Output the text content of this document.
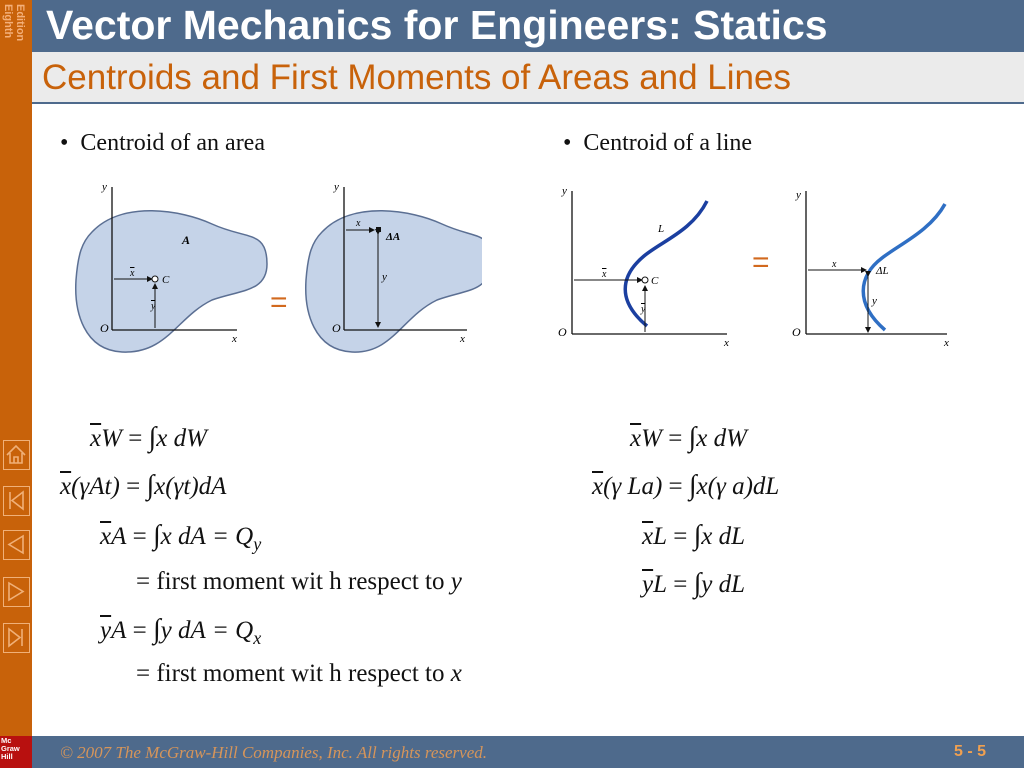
Eighth Edition
Mc
Graw
Hill
Vector Mechanics for Engineers: Statics
Centroids and First Moments of Areas and Lines
•  Centroid of an area	•  Centroid of a line
y
x
O
A
x
C
y	=
y
x
O
x
ΔA
y
y
x
O
L
x
C
y
=
y
x
O
x
ΔL
y
$\overline{x}W = \int x$ dW
$\overline{x}(\gamma At) = \int x(\gamma t)dA$
$\overline{x}A = \int x$ dA = $Q_y$
= first moment wit h respect to y
$\overline{y}A = \int y$ dA = $Q_x$
= first moment wit h respect to x
$\overline{x}W = \int x$ dW
$\overline{x}(\gamma$ La) = ∫x(γ a)dL
$\overline{x}L = \int x$ dL
$\overline{y}L = \int y$ dL
© 2007 The McGraw-Hill Companies, Inc. All rights reserved.	5 - 5
